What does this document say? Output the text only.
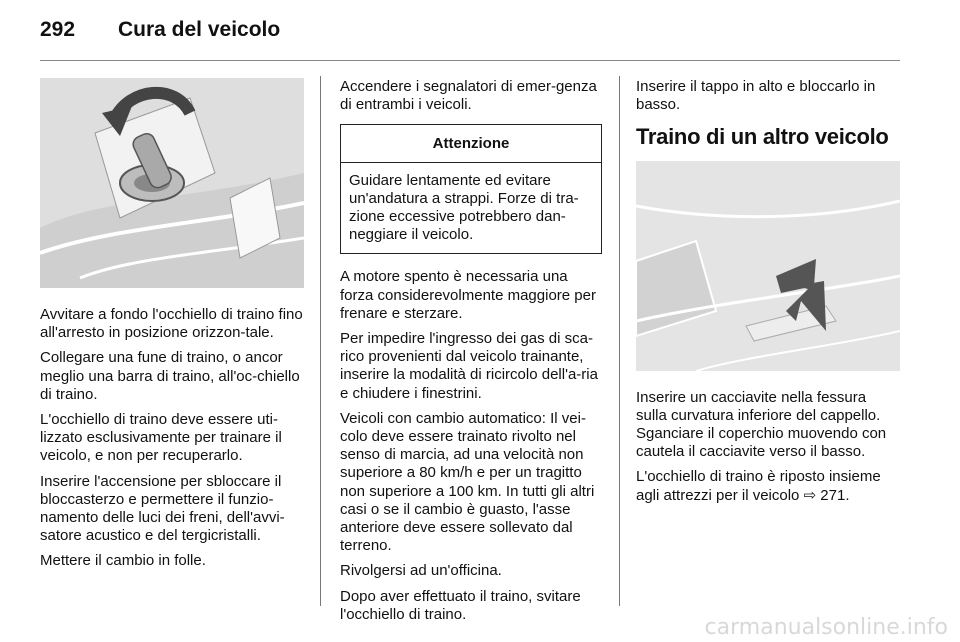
292 Cura del veicolo

Avvitare a fondo l'occhiello di traino fino all'arresto in posizione orizzon-tale.

Collegare una fune di traino, o ancor meglio una barra di traino, all'oc-chiello di traino.

L'occhiello di traino deve essere uti-lizzato esclusivamente per trainare il veicolo, e non per recuperarlo.

Inserire l'accensione per sbloccare il bloccasterzo e permettere il funzio-namento delle luci dei freni, dell'avvi-satore acustico e del tergicristalli.

Mettere il cambio in folle.

Accendere i segnalatori di emer-genza di entrambi i veicoli.

Attenzione
Guidare lentamente ed evitare un'andatura a strappi. Forze di tra-zione eccessive potrebbero dan-neggiare il veicolo.

A motore spento è necessaria una forza considerevolmente maggiore per frenare e sterzare.

Per impedire l'ingresso dei gas di sca-rico provenienti dal veicolo trainante, inserire la modalità di ricircolo dell'a-ria e chiudere i finestrini.

Veicoli con cambio automatico: Il vei-colo deve essere trainato rivolto nel senso di marcia, ad una velocità non superiore a 80 km/h e per un tragitto non superiore a 100 km. In tutti gli altri casi o se il cambio è guasto, l'asse anteriore deve essere sollevato dal terreno.

Rivolgersi ad un'officina.

Dopo aver effettuato il traino, svitare l'occhiello di traino.

Inserire il tappo in alto e bloccarlo in basso.

Traino di un altro veicolo

Inserire un cacciavite nella fessura sulla curvatura inferiore del cappello. Sganciare il coperchio muovendo con cautela il cacciavite verso il basso.

L'occhiello di traino è riposto insieme agli attrezzi per il veicolo ⇨ 271.

carmanualsonline.info
